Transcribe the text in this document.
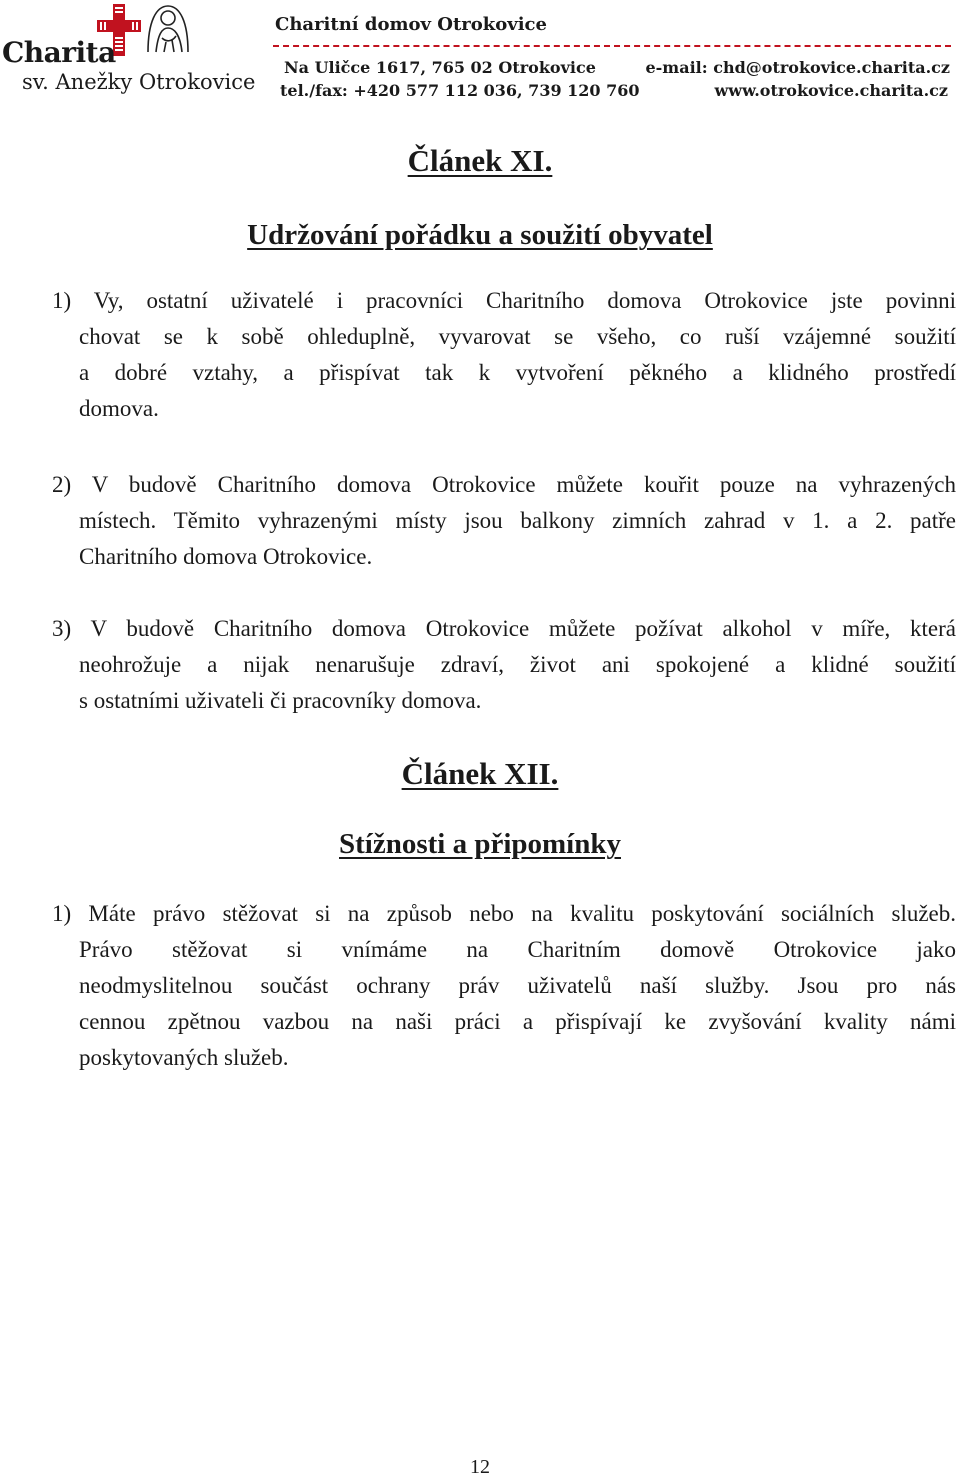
Charita
sv. Anežky Otrokovice
Charitní domov Otrokovice
Na Uličce 1617, 765 02 Otrokovice	e-mail: chd@otrokovice.charita.cz
tel./fax: +420 577 112 036, 739 120 760	www.otrokovice.charita.cz
Článek XI.
Udržování pořádku a soužití obyvatel
1) Vy, ostatní uživatelé i pracovníci Charitního domova Otrokovice jste povinni
chovat se k sobě ohleduplně, vyvarovat se všeho, co ruší vzájemné soužití
a dobré vztahy, a přispívat tak k vytvoření pěkného a klidného prostředí
domova.
2) V budově Charitního domova Otrokovice můžete kouřit pouze na vyhrazených
místech. Těmito vyhrazenými místy jsou balkony zimních zahrad v 1. a 2. patře
Charitního domova Otrokovice.
3) V budově Charitního domova Otrokovice můžete požívat alkohol v míře, která
neohrožuje a nijak nenarušuje zdraví, život ani spokojené a klidné soužití
s ostatními uživateli či pracovníky domova.
Článek XII.
Stížnosti a připomínky
1) Máte právo stěžovat si na způsob nebo na kvalitu poskytování sociálních služeb.
Právo stěžovat si vnímáme na Charitním domově Otrokovice jako
neodmyslitelnou součást ochrany práv uživatelů naší služby. Jsou pro nás
cennou zpětnou vazbou na naši práci a přispívají ke zvyšování kvality námi
poskytovaných služeb.
12
